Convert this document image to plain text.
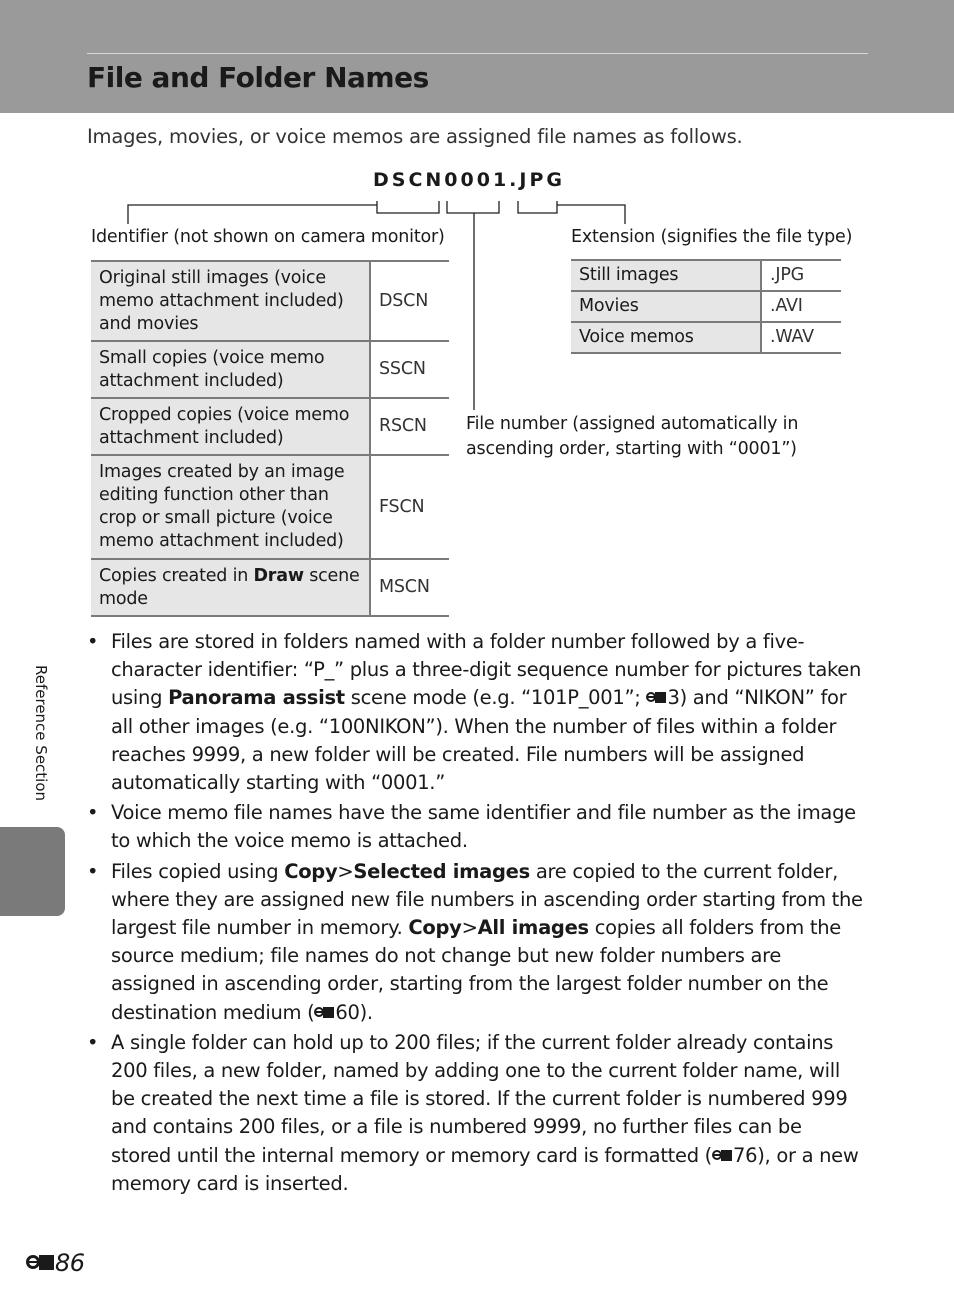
File and Folder Names
Images, movies, or voice memos are assigned file names as follows.
DSCN0001.JPG
Identifier (not shown on camera monitor)	Extension (signifies the file type)
File number (assigned automatically in ascending order, starting with “0001”)
Original still images (voice memo attachment included) and movies	DSCN
Small copies (voice memo attachment included)	SSCN
Cropped copies (voice memo attachment included)	RSCN
Images created by an image editing function other than crop or small picture (voice memo attachment included)	FSCN
Copies created in Draw scene mode	MSCN
Still images	.JPG
Movies	.AVI
Voice memos	.WAV
• Files are stored in folders named with a folder number followed by a five-character identifier: “P_” plus a three-digit sequence number for pictures taken using Panorama assist scene mode (e.g. “101P_001”;
3) and “NIKON” for all other images (e.g. “100NIKON”). When the number of files within a folder reaches 9999, a new folder will be created. File numbers will be assigned automatically starting with “0001.”
• Voice memo file names have the same identifier and file number as the image to which the voice memo is attached.
• Files copied using Copy>Selected images are copied to the current folder, where they are assigned new file numbers in ascending order starting from the largest file number in memory. Copy>All images copies all folders from the source medium; file names do not change but new folder numbers are assigned in ascending order, starting from the largest folder number on the destination medium ( 60).
• A single folder can hold up to 200 files; if the current folder already contains 200 files, a new folder, named by adding one to the current folder name, will be created the next time a file is stored. If the current folder is numbered 999 and contains 200 files, or a file is numbered 9999, no further files can be stored until the internal memory or memory card is formatted ( 76), or a new memory card is inserted.
Reference Section
86
